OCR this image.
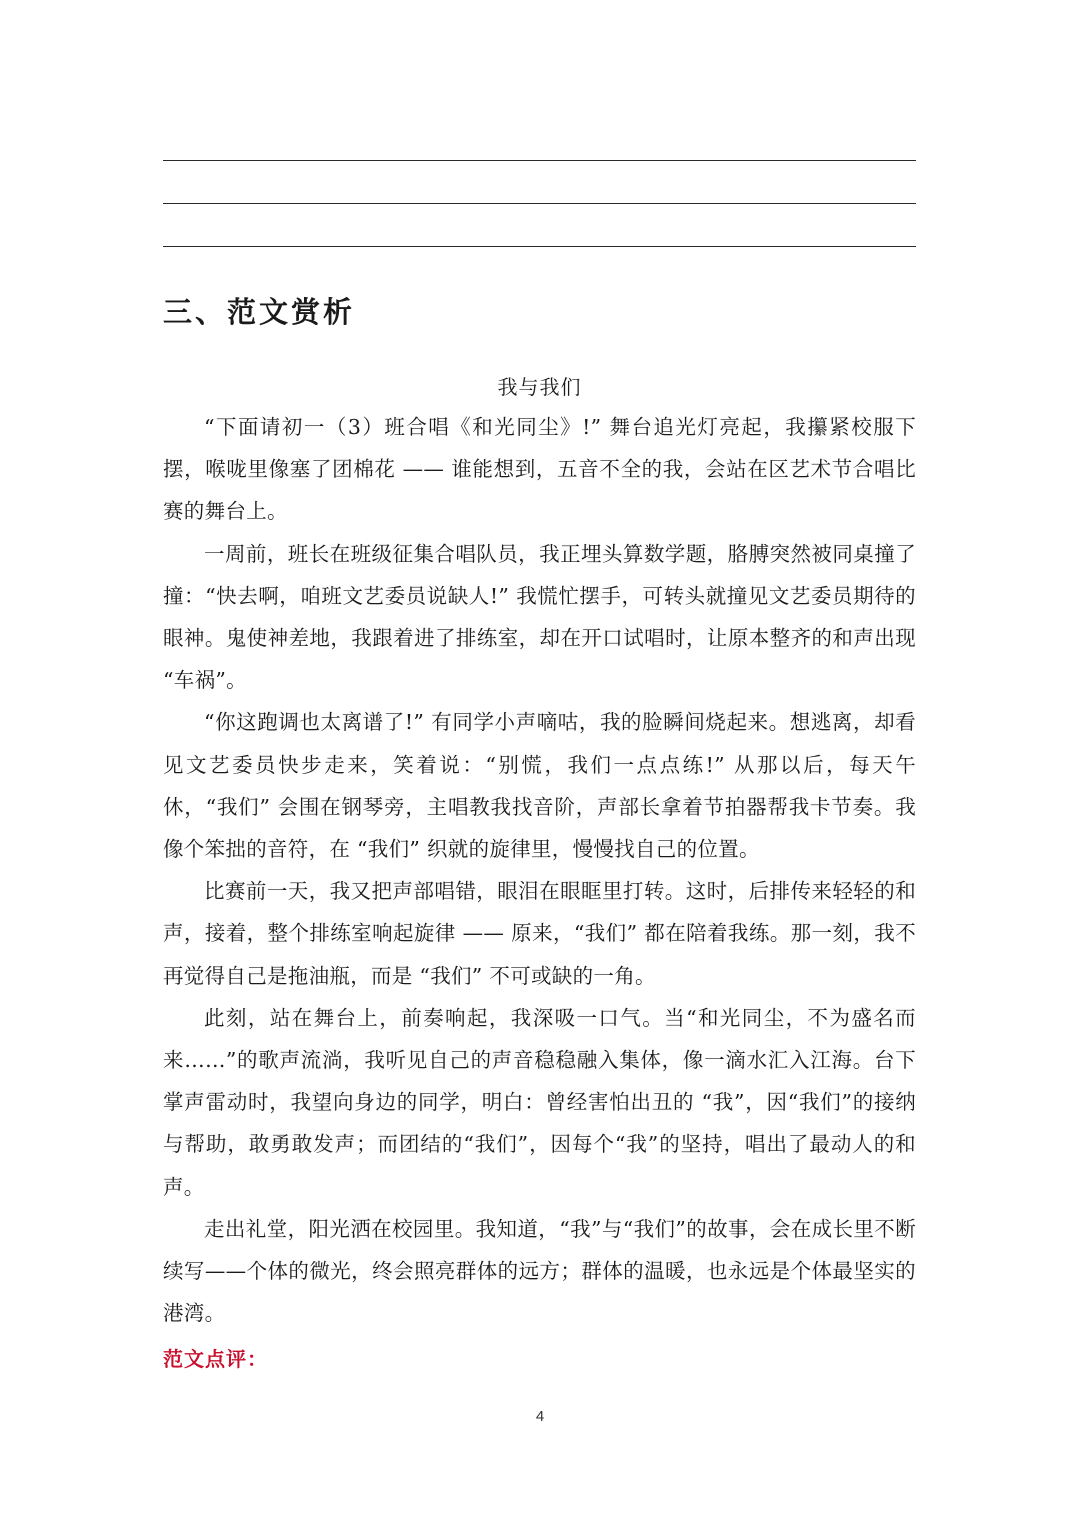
三、范文赏析
我与我们

“下面请初一（3）班合唱《和光同尘》!” 舞台追光灯亮起，我攥紧校服下摆，喉咙里像塞了团棉花 —— 谁能想到，五音不全的我，会站在区艺术节合唱比赛的舞台上。

一周前，班长在班级征集合唱队员，我正埋头算数学题，胳膊突然被同桌撞了撞：“快去啊，咱班文艺委员说缺人!” 我慌忙摆手，可转头就撞见文艺委员期待的眼神。鬼使神差地，我跟着进了排练室，却在开口试唱时，让原本整齐的和声出现 “车祸”。

“你这跑调也太离谱了!” 有同学小声嘀咕，我的脸瞬间烧起来。想逃离，却看见文艺委员快步走来，笑着说：“别慌，我们一点点练!” 从那以后，每天午休，“我们” 会围在钢琴旁，主唱教我找音阶，声部长拿着节拍器帮我卡节奏。我像个笨拙的音符，在 “我们” 织就的旋律里，慢慢找自己的位置。

比赛前一天，我又把声部唱错，眼泪在眼眶里打转。这时，后排传来轻轻的和声，接着，整个排练室响起旋律 —— 原来，“我们” 都在陪着我练。那一刻，我不再觉得自己是拖油瓶，而是 “我们” 不可或缺的一角。

此刻，站在舞台上，前奏响起，我深吸一口气。当“和光同尘，不为盛名而来……”的歌声流淌，我听见自己的声音稳稳融入集体，像一滴水汇入江海。台下掌声雷动时，我望向身边的同学，明白：曾经害怕出丑的 “我”，因“我们”的接纳与帮助，敢勇敢发声；而团结的“我们”，因每个“我”的坚持，唱出了最动人的和声。

走出礼堂，阳光洒在校园里。我知道，“我”与“我们”的故事，会在成长里不断续写——个体的微光，终会照亮群体的远方；群体的温暖，也永远是个体最坚实的港湾。

范文点评：
4
